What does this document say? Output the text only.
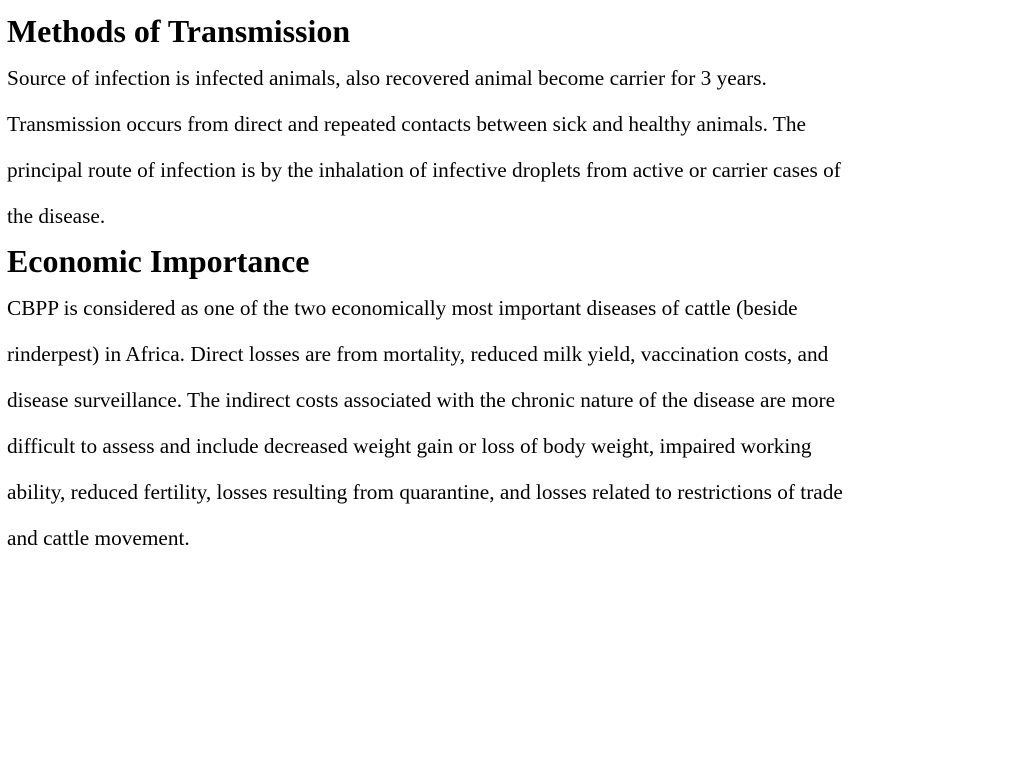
Methods of Transmission

Source of infection is infected animals, also recovered animal become carrier for 3 years.
Transmission occurs from direct and repeated contacts between sick and healthy animals. The
principal route of infection is by the inhalation of infective droplets from active or carrier cases of
the disease.

Economic Importance

CBPP is considered as one of the two economically most important diseases of cattle (beside
rinderpest) in Africa. Direct losses are from mortality, reduced milk yield, vaccination costs, and
disease surveillance. The indirect costs associated with the chronic nature of the disease are more
difficult to assess and include decreased weight gain or loss of body weight, impaired working
ability, reduced fertility, losses resulting from quarantine, and losses related to restrictions of trade
and cattle movement.
